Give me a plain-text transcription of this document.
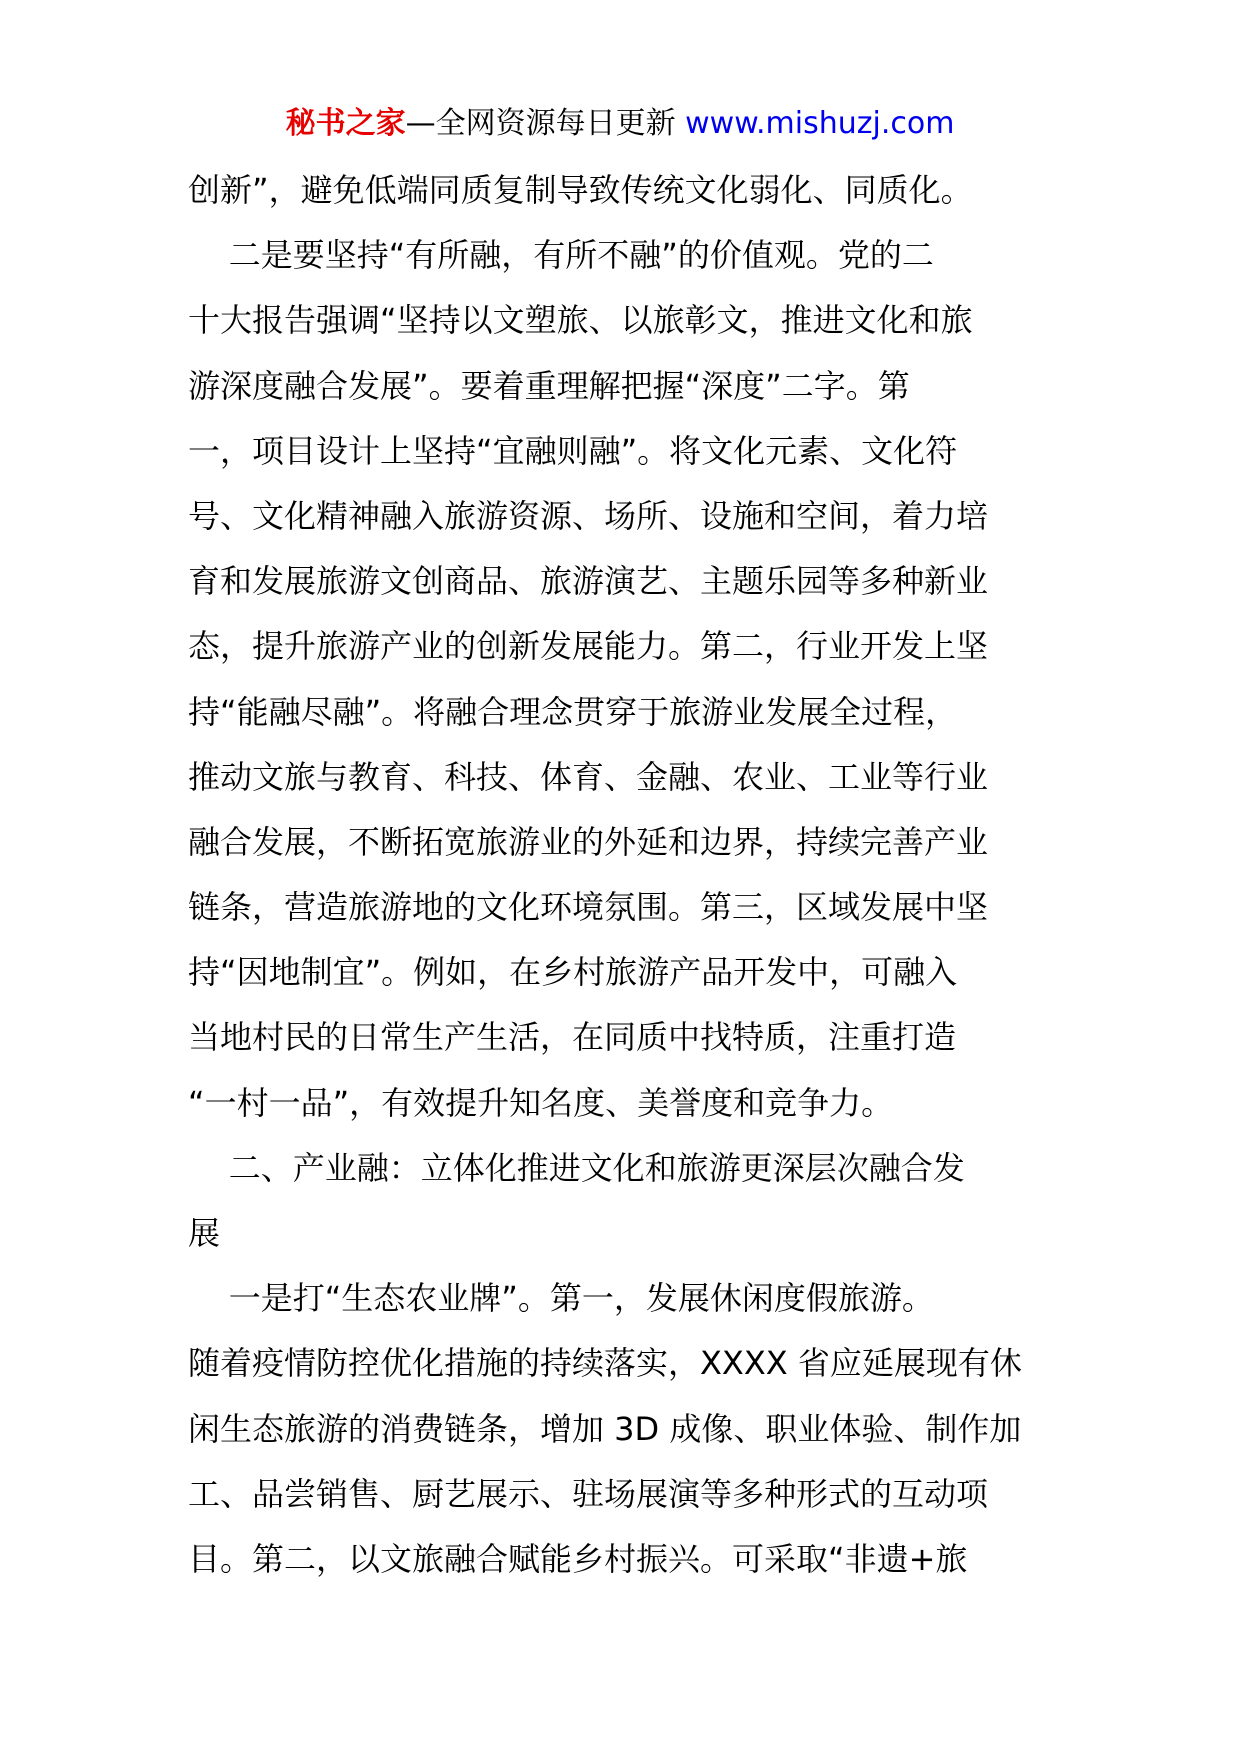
秘书之家—全网资源每日更新 www.mishuzj.com
创新”，避免低端同质复制导致传统文化弱化、同质化。
二是要坚持“有所融，有所不融”的价值观。党的二
十大报告强调“坚持以文塑旅、以旅彰文，推进文化和旅
游深度融合发展”。要着重理解把握“深度”二字。第
一，项目设计上坚持“宜融则融”。将文化元素、文化符
号、文化精神融入旅游资源、场所、设施和空间，着力培
育和发展旅游文创商品、旅游演艺、主题乐园等多种新业
态，提升旅游产业的创新发展能力。第二，行业开发上坚
持“能融尽融”。将融合理念贯穿于旅游业发展全过程，
推动文旅与教育、科技、体育、金融、农业、工业等行业
融合发展，不断拓宽旅游业的外延和边界，持续完善产业
链条，营造旅游地的文化环境氛围。第三，区域发展中坚
持“因地制宜”。例如，在乡村旅游产品开发中，可融入
当地村民的日常生产生活，在同质中找特质，注重打造
“一村一品”，有效提升知名度、美誉度和竞争力。
二、产业融：立体化推进文化和旅游更深层次融合发
展
一是打“生态农业牌”。第一，发展休闲度假旅游。
随着疫情防控优化措施的持续落实，XXXX 省应延展现有休
闲生态旅游的消费链条，增加 3D 成像、职业体验、制作加
工、品尝销售、厨艺展示、驻场展演等多种形式的互动项
目。第二，以文旅融合赋能乡村振兴。可采取“非遗+旅
